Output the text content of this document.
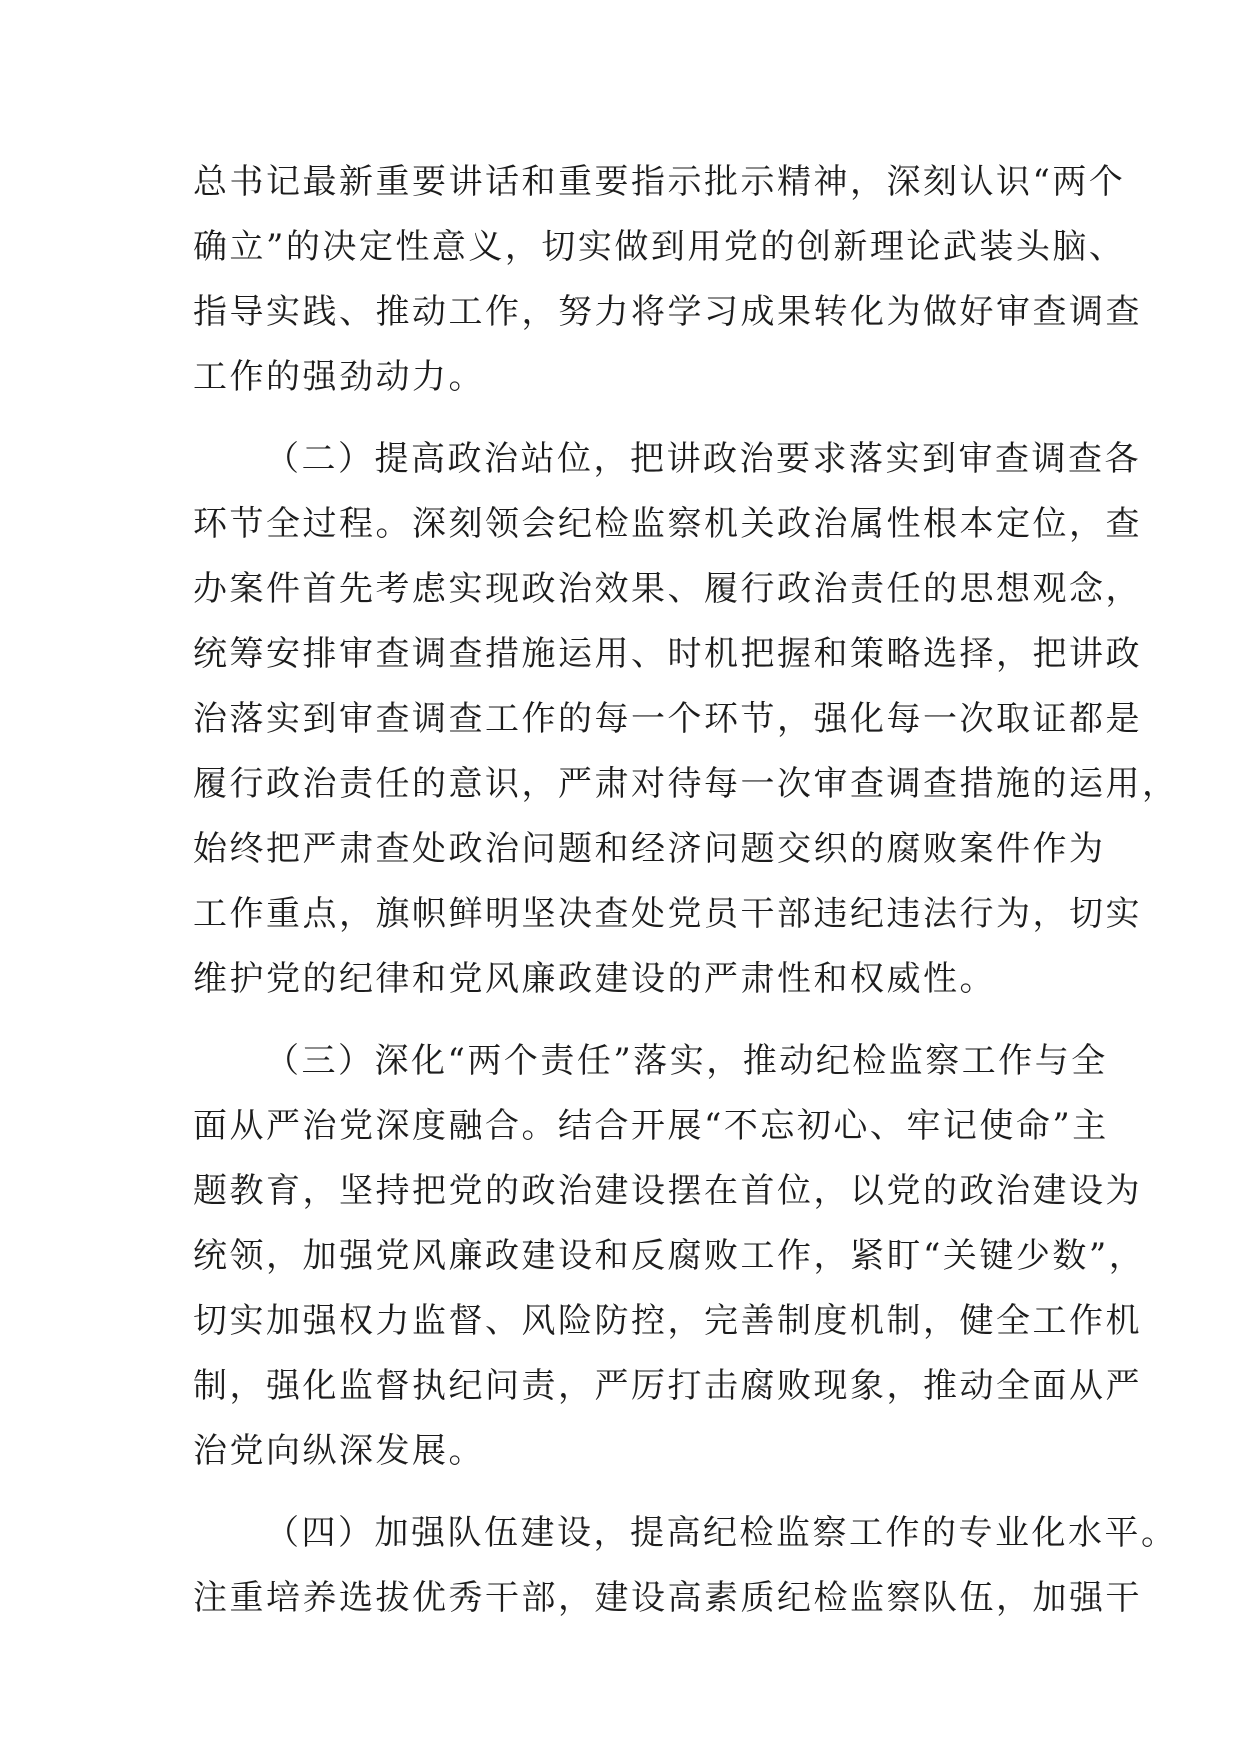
总书记最新重要讲话和重要指示批示精神，深刻认识“两个
确立”的决定性意义，切实做到用党的创新理论武装头脑、
指导实践、推动工作，努力将学习成果转化为做好审查调查
工作的强劲动力。
（二）提高政治站位，把讲政治要求落实到审查调查各
环节全过程。深刻领会纪检监察机关政治属性根本定位，查
办案件首先考虑实现政治效果、履行政治责任的思想观念，
统筹安排审查调查措施运用、时机把握和策略选择，把讲政
治落实到审查调查工作的每一个环节，强化每一次取证都是
履行政治责任的意识，严肃对待每一次审查调查措施的运用，
始终把严肃查处政治问题和经济问题交织的腐败案件作为
工作重点，旗帜鲜明坚决查处党员干部违纪违法行为，切实
维护党的纪律和党风廉政建设的严肃性和权威性。
（三）深化“两个责任”落实，推动纪检监察工作与全
面从严治党深度融合。结合开展“不忘初心、牢记使命”主
题教育，坚持把党的政治建设摆在首位，以党的政治建设为
统领，加强党风廉政建设和反腐败工作，紧盯“关键少数”，
切实加强权力监督、风险防控，完善制度机制，健全工作机
制，强化监督执纪问责，严厉打击腐败现象，推动全面从严
治党向纵深发展。
（四）加强队伍建设，提高纪检监察工作的专业化水平。
注重培养选拔优秀干部，建设高素质纪检监察队伍，加强干
